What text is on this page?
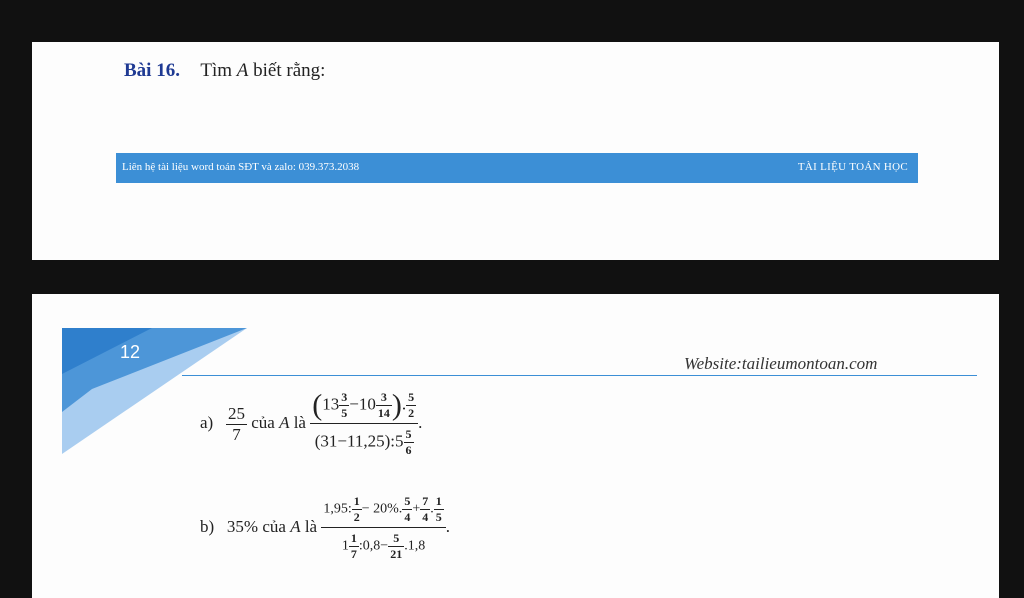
Bài 16. Tìm A biết rằng:
Liên hệ tài liệu word toán SĐT và zalo: 039.373.2038	TÀI LIỆU TOÁN HỌC
12
Website:tailieumontoan.com
$a) \frac{25}{7}$ của A là $\frac{(13 \frac{3}{5} -10 \frac{3}{14} ). \frac{5}{2}}{(31-11,25):5 \frac{5}{6}}$ .
b) 35% của A là $\frac{1,95: \frac{1}{2} - 20\%. \frac{5}{4} + \frac{7}{4} . \frac{1}{5}}{1 \frac{1}{7} :0,8- \frac{5}{21} .1,8}$ .
